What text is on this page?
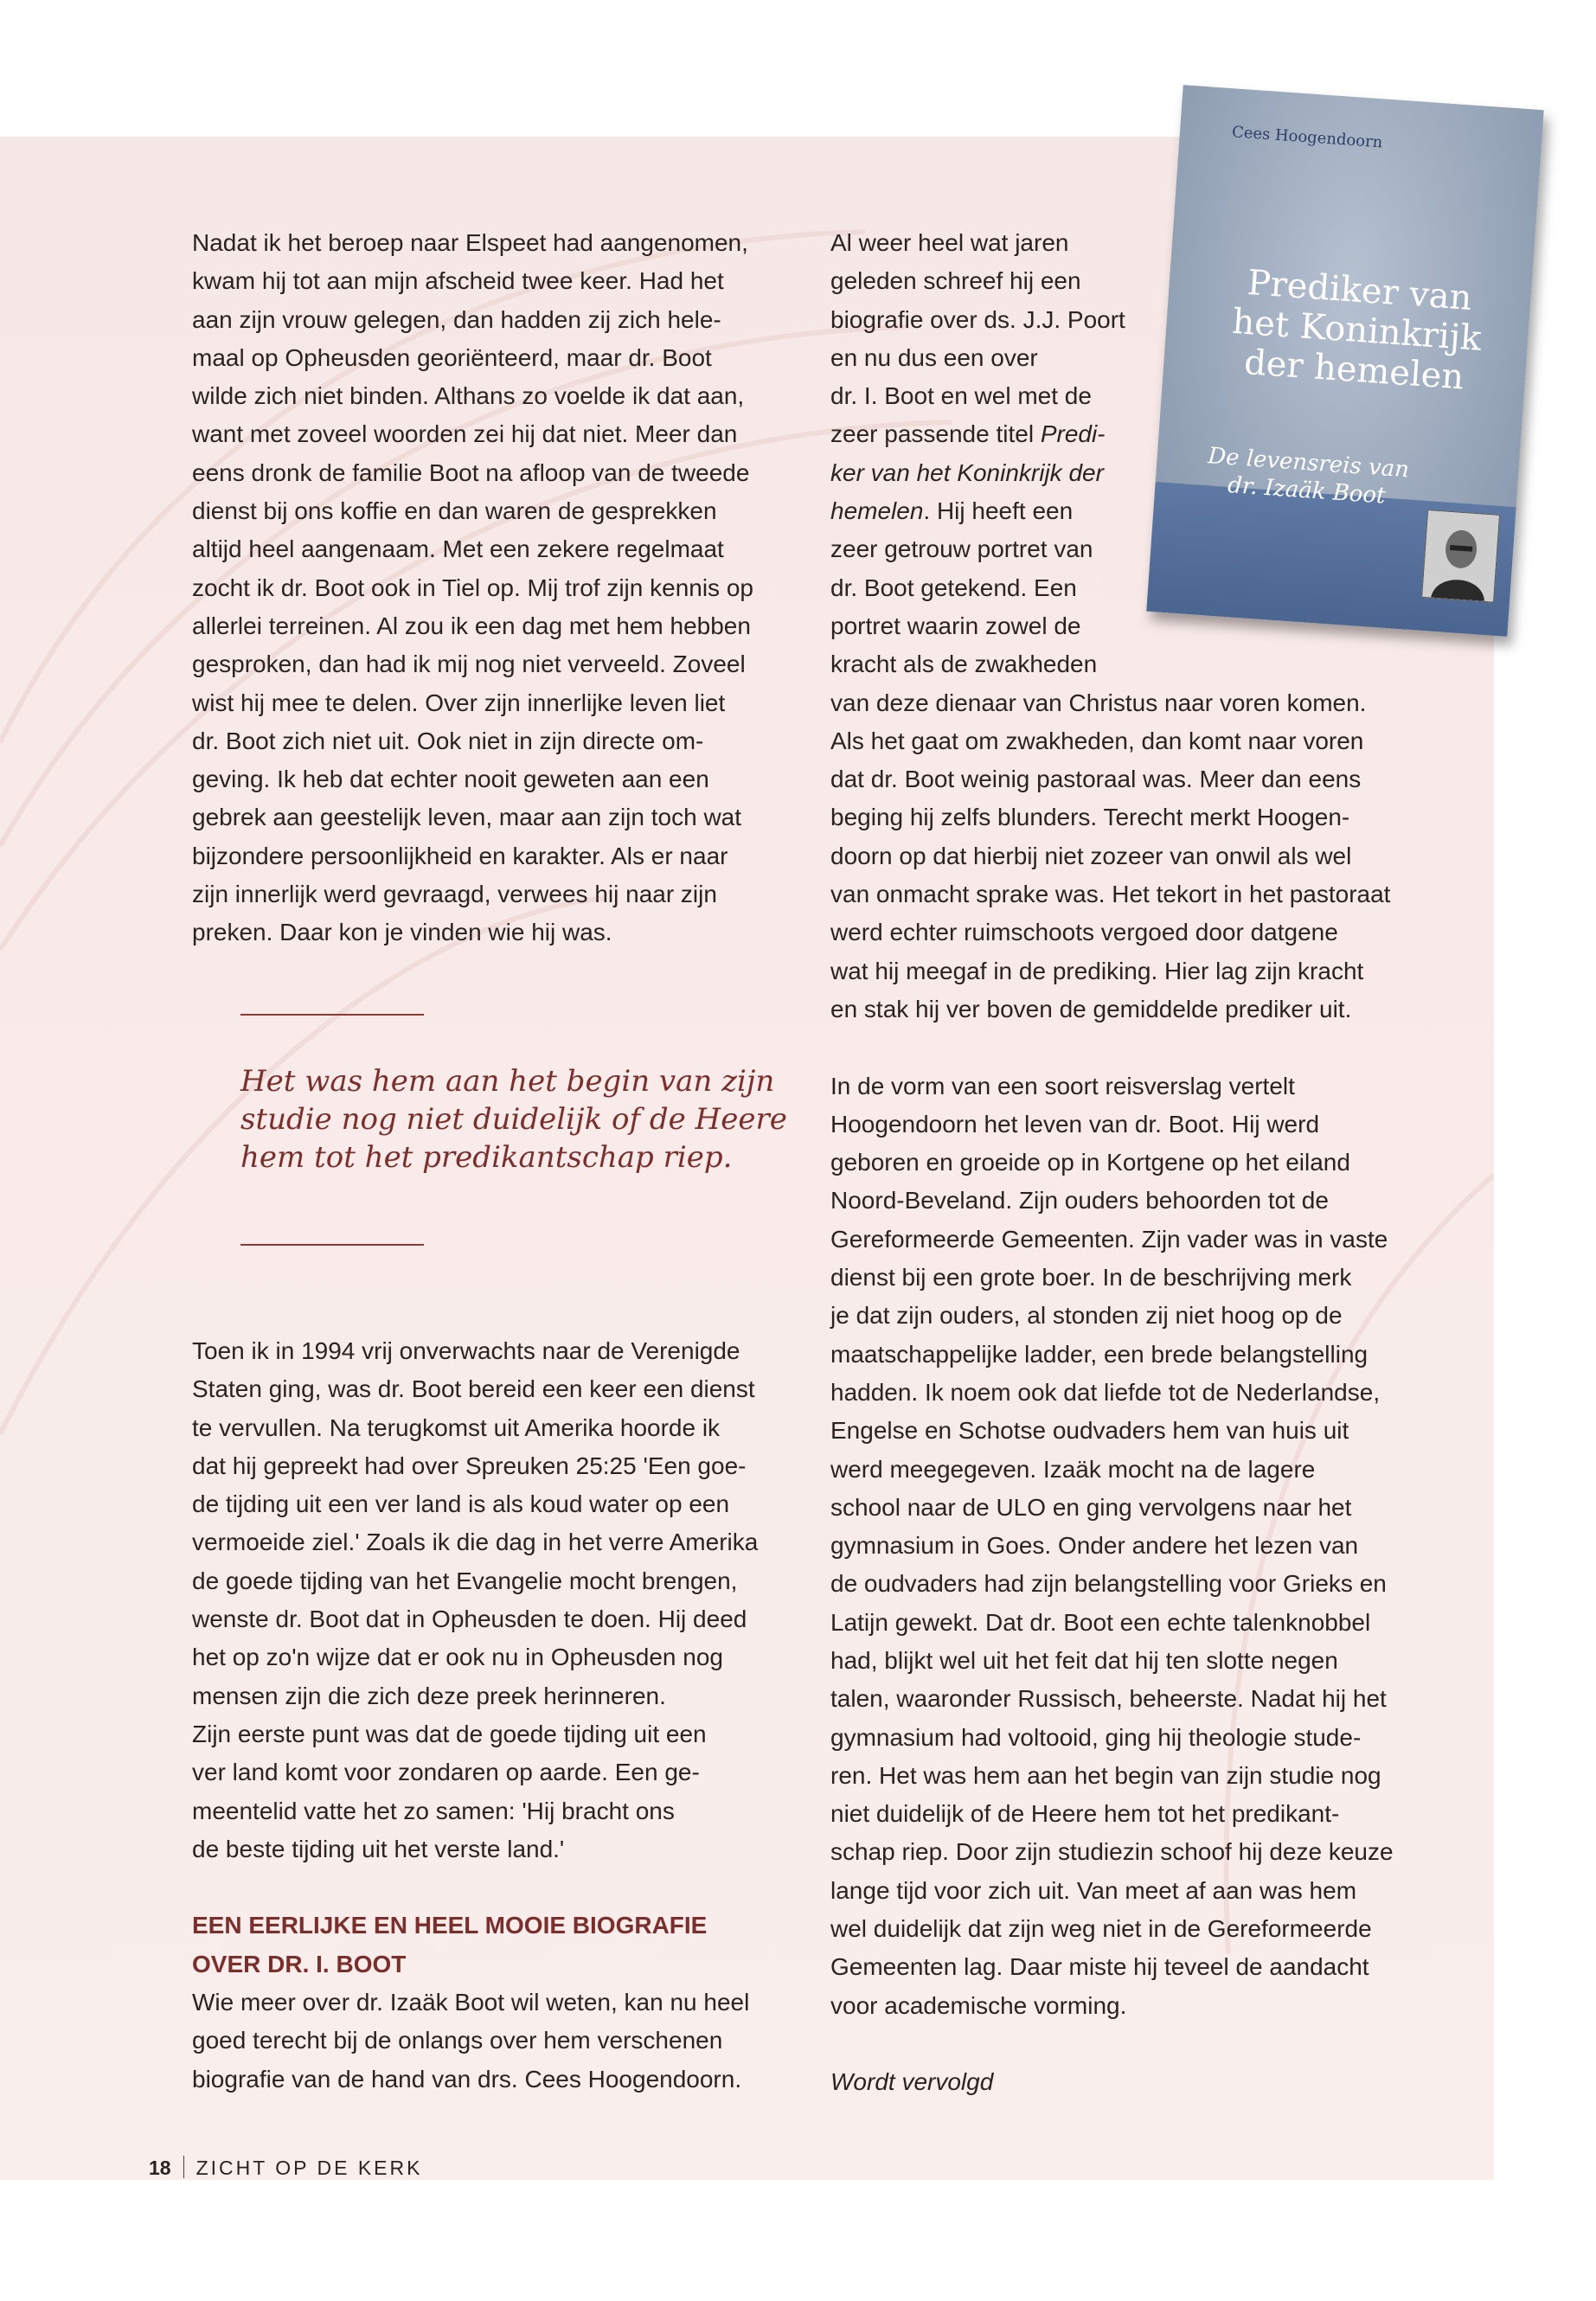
Nadat ik het beroep naar Elspeet had aangenomen,
kwam hij tot aan mijn afscheid twee keer. Had het
aan zijn vrouw gelegen, dan hadden zij zich hele-
maal op Opheusden georiënteerd, maar dr. Boot
wilde zich niet binden. Althans zo voelde ik dat aan,
want met zoveel woorden zei hij dat niet. Meer dan
eens dronk de familie Boot na afloop van de tweede
dienst bij ons koffie en dan waren de gesprekken
altijd heel aangenaam. Met een zekere regelmaat
zocht ik dr. Boot ook in Tiel op. Mij trof zijn kennis op
allerlei terreinen. Al zou ik een dag met hem hebben
gesproken, dan had ik mij nog niet verveeld. Zoveel
wist hij mee te delen. Over zijn innerlijke leven liet
dr. Boot zich niet uit. Ook niet in zijn directe om-
geving. Ik heb dat echter nooit geweten aan een
gebrek aan geestelijk leven, maar aan zijn toch wat
bijzondere persoonlijkheid en karakter. Als er naar
zijn innerlijk werd gevraagd, verwees hij naar zijn
preken. Daar kon je vinden wie hij was.

Het was hem aan het begin van zijn
studie nog niet duidelijk of de Heere
hem tot het predikantschap riep.

Toen ik in 1994 vrij onverwachts naar de Verenigde
Staten ging, was dr. Boot bereid een keer een dienst
te vervullen. Na terugkomst uit Amerika hoorde ik
dat hij gepreekt had over Spreuken 25:25 'Een goe-
de tijding uit een ver land is als koud water op een
vermoeide ziel.' Zoals ik die dag in het verre Amerika
de goede tijding van het Evangelie mocht brengen,
wenste dr. Boot dat in Opheusden te doen. Hij deed
het op zo'n wijze dat er ook nu in Opheusden nog
mensen zijn die zich deze preek herinneren.
Zijn eerste punt was dat de goede tijding uit een
ver land komt voor zondaren op aarde. Een ge-
meentelid vatte het zo samen: 'Hij bracht ons
de beste tijding uit het verste land.'

EEN EERLIJKE EN HEEL MOOIE BIOGRAFIE
OVER DR. I. BOOT

Wie meer over dr. Izaäk Boot wil weten, kan nu heel
goed terecht bij de onlangs over hem verschenen
biografie van de hand van drs. Cees Hoogendoorn.

Al weer heel wat jaren
geleden schreef hij een
biografie over ds. J.J. Poort
en nu dus een over
dr. I. Boot en wel met de
zeer passende titel Predi-
ker van het Koninkrijk der
hemelen. Hij heeft een
zeer getrouw portret van
dr. Boot getekend. Een
portret waarin zowel de
kracht als de zwakheden
van deze dienaar van Christus naar voren komen.
Als het gaat om zwakheden, dan komt naar voren
dat dr. Boot weinig pastoraal was. Meer dan eens
beging hij zelfs blunders. Terecht merkt Hoogen-
doorn op dat hierbij niet zozeer van onwil als wel
van onmacht sprake was. Het tekort in het pastoraat
werd echter ruimschoots vergoed door datgene
wat hij meegaf in de prediking. Hier lag zijn kracht
en stak hij ver boven de gemiddelde prediker uit.

In de vorm van een soort reisverslag vertelt
Hoogendoorn het leven van dr. Boot. Hij werd
geboren en groeide op in Kortgene op het eiland
Noord-Beveland. Zijn ouders behoorden tot de
Gereformeerde Gemeenten. Zijn vader was in vaste
dienst bij een grote boer. In de beschrijving merk
je dat zijn ouders, al stonden zij niet hoog op de
maatschappelijke ladder, een brede belangstelling
hadden. Ik noem ook dat liefde tot de Nederlandse,
Engelse en Schotse oudvaders hem van huis uit
werd meegegeven. Izaäk mocht na de lagere
school naar de ULO en ging vervolgens naar het
gymnasium in Goes. Onder andere het lezen van
de oudvaders had zijn belangstelling voor Grieks en
Latijn gewekt. Dat dr. Boot een echte talenknobbel
had, blijkt wel uit het feit dat hij ten slotte negen
talen, waaronder Russisch, beheerste. Nadat hij het
gymnasium had voltooid, ging hij theologie stude-
ren. Het was hem aan het begin van zijn studie nog
niet duidelijk of de Heere hem tot het predikant-
schap riep. Door zijn studiezin schoof hij deze keuze
lange tijd voor zich uit. Van meet af aan was hem
wel duidelijk dat zijn weg niet in de Gereformeerde
Gemeenten lag. Daar miste hij teveel de aandacht
voor academische vorming.

Wordt vervolgd

Cees Hoogendoorn
Prediker van
het Koninkrijk
der hemelen
De levensreis van
dr. Izaäk Boot
18 ZICHT OP DE KERK
